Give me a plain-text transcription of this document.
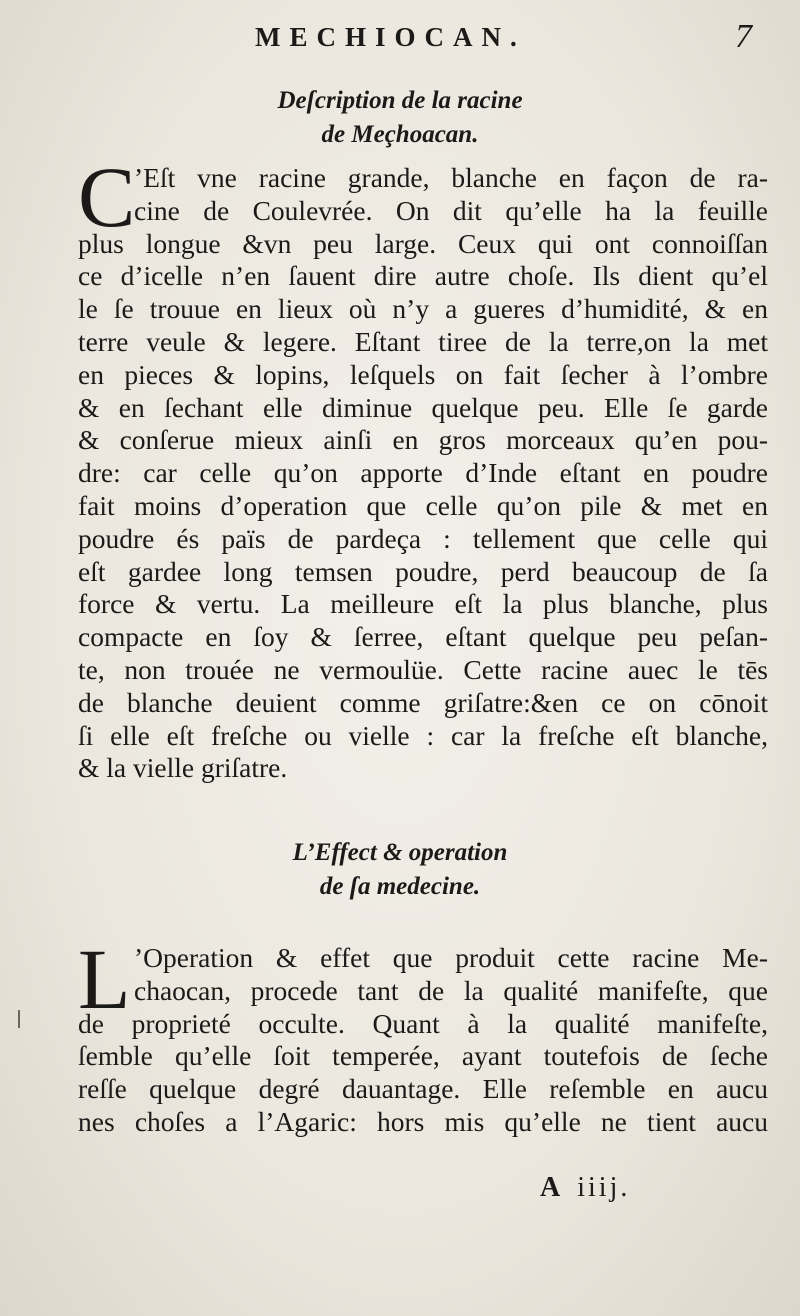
MECHIOCAN.	7
Deſcription de la racine
de Meçhoacan.
C
’Eſt vne racine grande, blanche en façon de ra-
cine de Coulevrée. On dit qu’elle ha la feuille
plus longue &vn peu large. Ceux qui ont connoiſſan
ce d’icelle n’en ſauent dire autre choſe. Ils dient qu’el
le ſe trouue en lieux où n’y a gueres d’humidité, & en
terre veule & legere. Eſtant tiree de la terre,on la met
en pieces & lopins, leſquels on fait ſecher à l’ombre
& en ſechant elle diminue quelque peu. Elle ſe garde
& conſerue mieux ainſi en gros morceaux qu’en pou-
dre: car celle qu’on apporte d’Inde eſtant en poudre
fait moins d’operation que celle qu’on pile & met en
poudre és païs de pardeça : tellement que celle qui
eſt gardee long temsen poudre, perd beaucoup de ſa
force & vertu. La meilleure eſt la plus blanche, plus
compacte en ſoy & ſerree, eſtant quelque peu peſan-
te, non trouée ne vermoulüe. Cette racine auec le tēs
de blanche deuient comme griſatre:&en ce on cōnoit
ſi elle eſt freſche ou vielle : car la freſche eſt blanche,
& la vielle griſatre.
L’Effect & operation
de ſa medecine.
L ’Operation & effet que produit cette racine Me-
chaocan, procede tant de la qualité manifeſte, que
de proprieté occulte. Quant à la qualité manifeſte,
ſemble qu’elle ſoit temperée, ayant toutefois de ſeche
reſſe quelque degré dauantage. Elle reſemble en aucu
nes choſes a l’Agaric: hors mis qu’elle ne tient aucu
A iiij.
